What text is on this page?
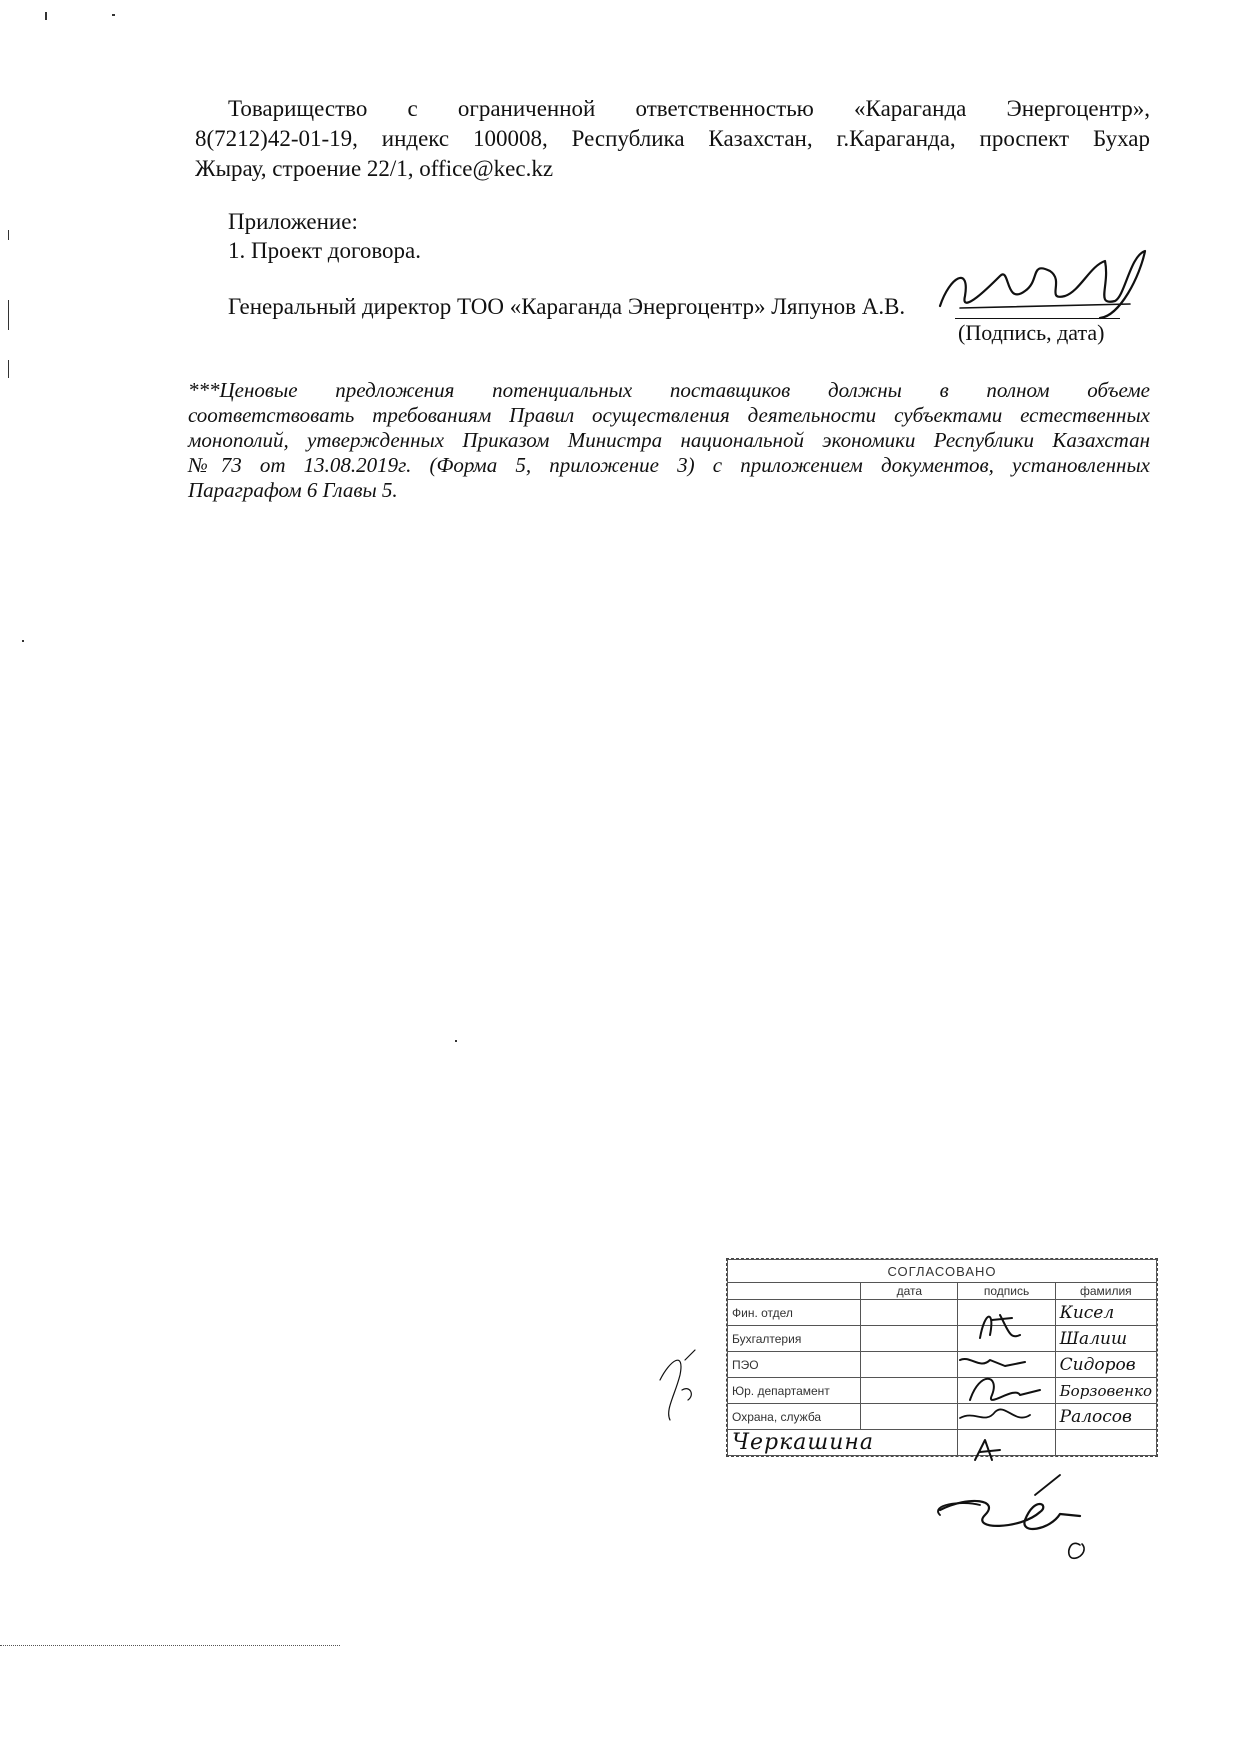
Товарищество с ограниченной ответственностью «Караганда Энергоцентр»,
8(7212)42-01-19, индекс 100008, Республика Казахстан, г.Караганда, проспект Бухар
Жырау, строение 22/1, office@kec.kz
Приложение:
1. Проект договора.
Генеральный директор ТОО «Караганда Энергоцентр» Ляпунов А.В.
(Подпись, дата)
***Ценовые предложения потенциальных поставщиков должны в полном объеме
соответствовать требованиям Правил осуществления деятельности субъектами естественных
монополий, утвержденных Приказом Министра национальной экономики Республики Казахстан
№73 от 13.08.2019г. (Форма 5, приложение 3) с приложением документов, установленных
Параграфом 6 Главы 5.
СОГЛАСОВАНО			
	дата	подпись	фамилия
Фин. отдел			Кисел
Бухгалтерия			Шалиш
ПЭО			Сидоров
Юр. департамент			Борзовенко
Охрана, служба			Ралосов
Черкашина			
